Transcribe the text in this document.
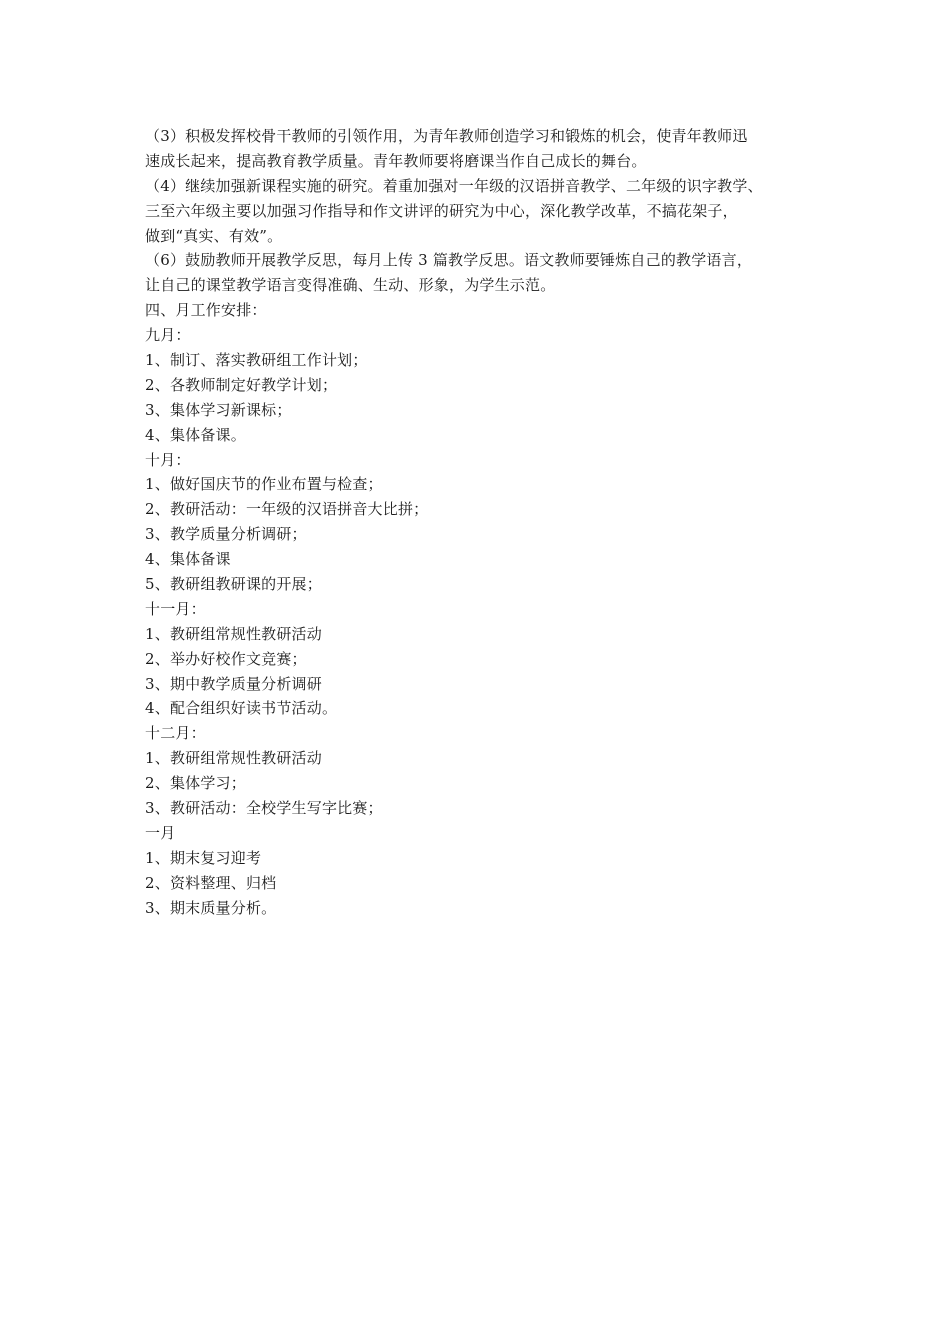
（3）积极发挥校骨干教师的引领作用，为青年教师创造学习和锻炼的机会，使青年教师迅
速成长起来，提高教育教学质量。青年教师要将磨课当作自己成长的舞台。
（4）继续加强新课程实施的研究。着重加强对一年级的汉语拼音教学、二年级的识字教学、
三至六年级主要以加强习作指导和作文讲评的研究为中心，深化教学改革，不搞花架子，
做到“真实、有效”。
（6）鼓励教师开展教学反思，每月上传 3 篇教学反思。语文教师要锤炼自己的教学语言，
让自己的课堂教学语言变得准确、生动、形象，为学生示范。
四、月工作安排：
九月：
1、制订、落实教研组工作计划；
2、各教师制定好教学计划；
3、集体学习新课标；
4、集体备课。
十月：
1、做好国庆节的作业布置与检查；
2、教研活动：一年级的汉语拼音大比拼；
3、教学质量分析调研；
4、集体备课
5、教研组教研课的开展；
十一月：
1、教研组常规性教研活动
2、举办好校作文竞赛；
3、期中教学质量分析调研
4、配合组织好读书节活动。
十二月：
1、教研组常规性教研活动
2、集体学习；
3、教研活动：全校学生写字比赛；
一月
1、期末复习迎考
2、资料整理、归档
3、期末质量分析。
